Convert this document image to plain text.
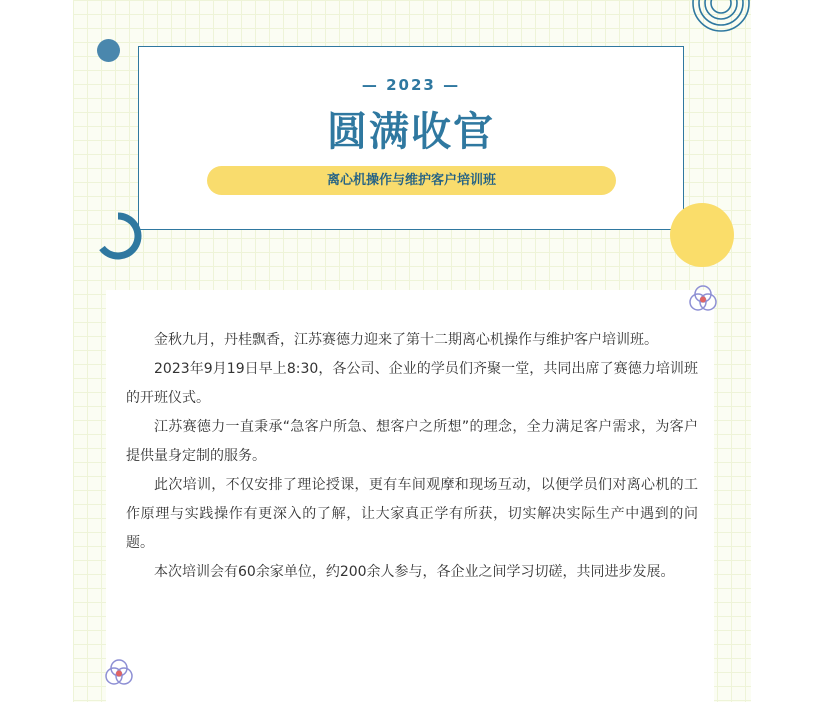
— 2023 —
圆满收官
离心机操作与维护客户培训班

金秋九月，丹桂飘香，江苏赛德力迎来了第十二期离心机操作与维护客户培训班。

2023年9月19日早上8:30，各公司、企业的学员们齐聚一堂，共同出席了赛德力培训班的开班仪式。

江苏赛德力一直秉承“急客户所急、想客户之所想”的理念，全力满足客户需求，为客户提供量身定制的服务。

此次培训，不仅安排了理论授课，更有车间观摩和现场互动，以便学员们对离心机的工作原理与实践操作有更深入的了解，让大家真正学有所获，切实解决实际生产中遇到的问题。

本次培训会有60余家单位，约200余人参与，各企业之间学习切磋，共同进步发展。
